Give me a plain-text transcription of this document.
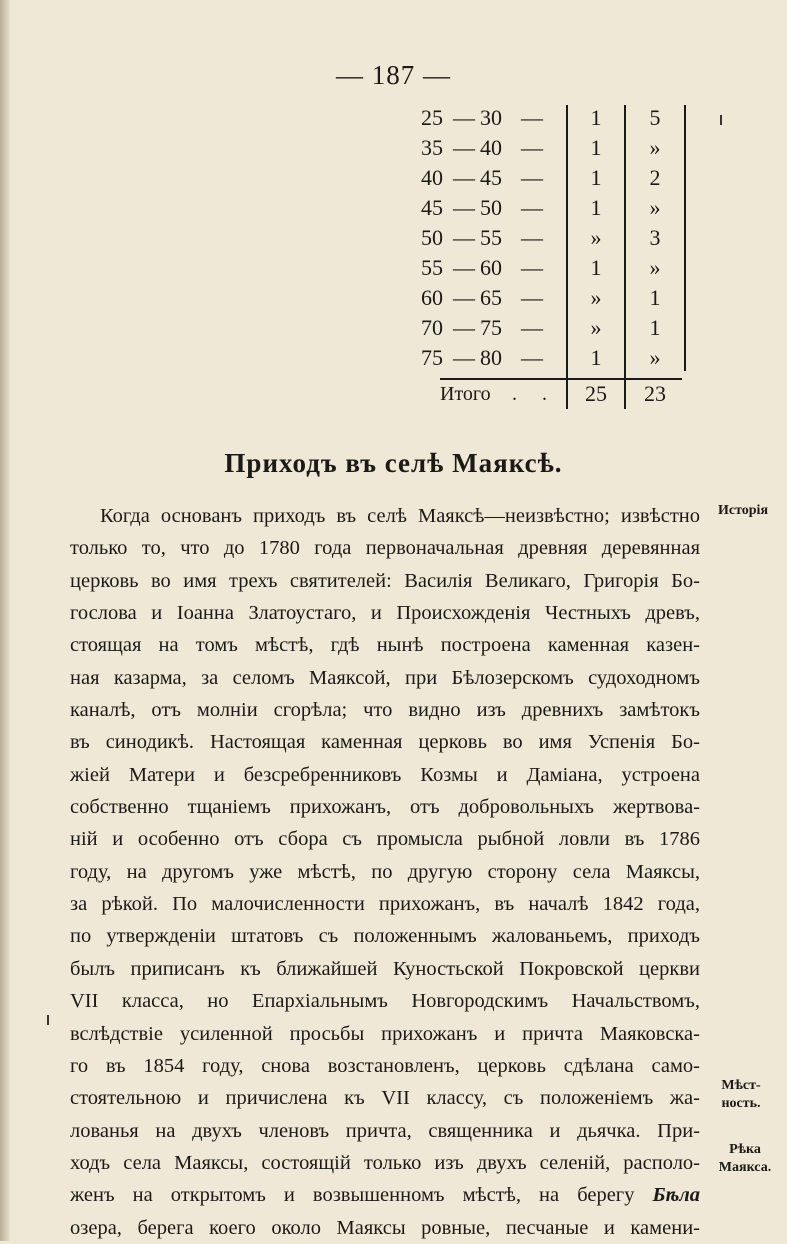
— 187 —
25 — 30 —	1	5
35 — 40 —	1	»
40 — 45 —	1	2
45 — 50 —	1	»
50 — 55 —	»	3
55 — 60 —	1	»
60 — 65 —	»	1
70 — 75 —	»	1
75 — 80 —	1	»
Итого . .	25	23
Приходъ въ селѣ Маяксѣ.
Когда основанъ приходъ въ селѣ Маяксѣ—неизвѣстно; извѣстно
только то, что до 1780 года первоначальная древняя деревянная
церковь во имя трехъ святителей: Василія Великаго, Григорія Бо-
гослова и Іоанна Златоустаго, и Происхожденія Честныхъ древъ,
стоящая на томъ мѣстѣ, гдѣ нынѣ построена каменная казен-
ная казарма, за селомъ Маяксой, при Бѣлозерскомъ судоходномъ
каналѣ, отъ молніи сгорѣла; что видно изъ древнихъ замѣтокъ
въ синодикѣ. Настоящая каменная церковь во имя Успенія Бо-
жіей Матери и безсребренниковъ Козмы и Даміана, устроена
собственно тщаніемъ прихожанъ, отъ добровольныхъ жертвова-
ній и особенно отъ сбора съ промысла рыбной ловли въ 1786
году, на другомъ уже мѣстѣ, по другую сторону села Маяксы,
за рѣкой. По малочисленности прихожанъ, въ началѣ 1842 года,
по утвержденіи штатовъ съ положеннымъ жалованьемъ, приходъ
былъ приписанъ къ ближайшей Куностьской Покровской церкви
VII класса, но Епархіальнымъ Новгородскимъ Начальствомъ,
вслѣдствіе усиленной просьбы прихожанъ и причта Маяковска-
го въ 1854 году, снова возстановленъ, церковь сдѣлана само-
стоятельною и причислена къ VII классу, съ положеніемъ жа-
лованья на двухъ членовъ причта, священника и дьячка. При-
ходъ села Маяксы, состоящій только изъ двухъ селеній, располо-
женъ на открытомъ и возвышенномъ мѣстѣ, на берегу Бѣла
озера, берега коего около Маяксы ровные, песчаные и камени-
Исторія
Мѣст-
ность.
Рѣка
Маякса.
